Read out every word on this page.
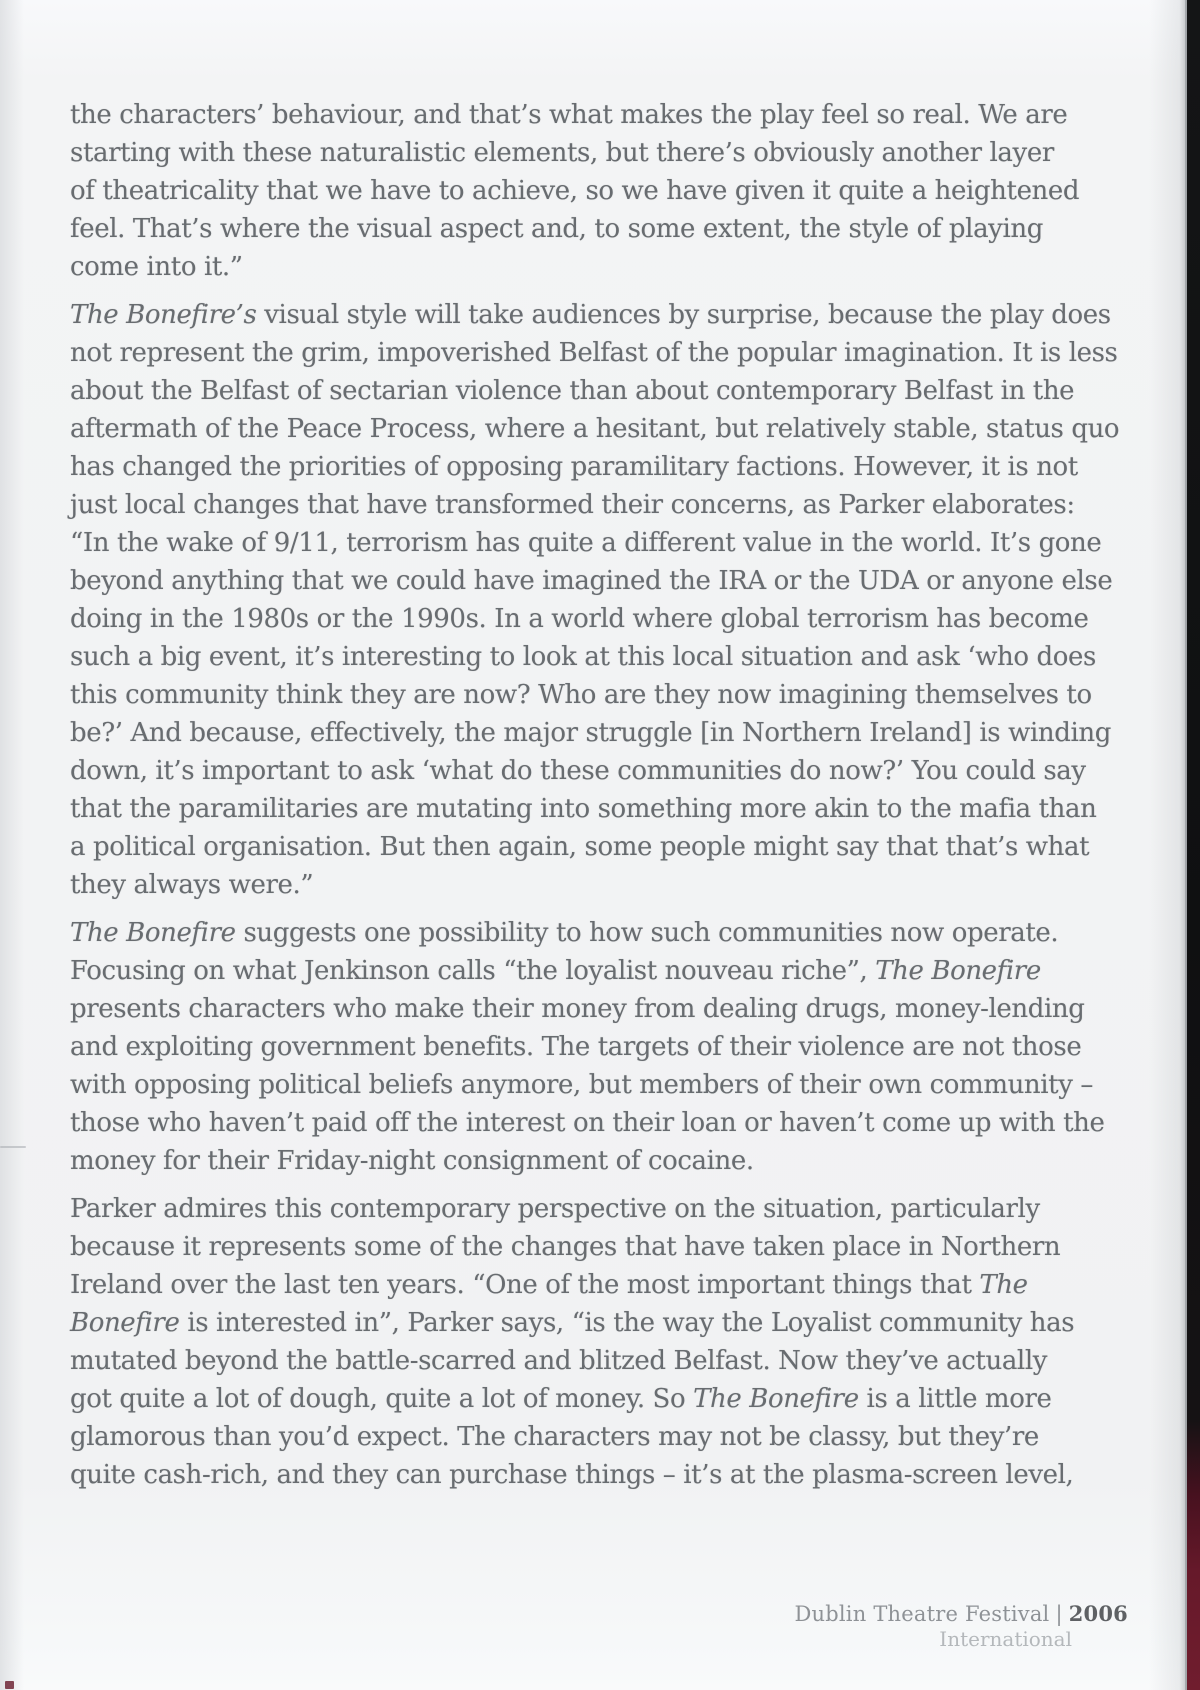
the characters’ behaviour, and that’s what makes the play feel so real. We are
starting with these naturalistic elements, but there’s obviously another layer
of theatricality that we have to achieve, so we have given it quite a heightened
feel. That’s where the visual aspect and, to some extent, the style of playing
come into it.”
The Bonefire’s visual style will take audiences by surprise, because the play does
not represent the grim, impoverished Belfast of the popular imagination. It is less
about the Belfast of sectarian violence than about contemporary Belfast in the
aftermath of the Peace Process, where a hesitant, but relatively stable, status quo
has changed the priorities of opposing paramilitary factions. However, it is not
just local changes that have transformed their concerns, as Parker elaborates:
“In the wake of 9/11, terrorism has quite a different value in the world. It’s gone
beyond anything that we could have imagined the IRA or the UDA or anyone else
doing in the 1980s or the 1990s. In a world where global terrorism has become
such a big event, it’s interesting to look at this local situation and ask ‘who does
this community think they are now? Who are they now imagining themselves to
be?’ And because, effectively, the major struggle [in Northern Ireland] is winding
down, it’s important to ask ‘what do these communities do now?’ You could say
that the paramilitaries are mutating into something more akin to the mafia than
a political organisation. But then again, some people might say that that’s what
they always were.”
The Bonefire suggests one possibility to how such communities now operate.
Focusing on what Jenkinson calls “the loyalist nouveau riche”, The Bonefire
presents characters who make their money from dealing drugs, money-lending
and exploiting government benefits. The targets of their violence are not those
with opposing political beliefs anymore, but members of their own community –
those who haven’t paid off the interest on their loan or haven’t come up with the
money for their Friday-night consignment of cocaine.
Parker admires this contemporary perspective on the situation, particularly
because it represents some of the changes that have taken place in Northern
Ireland over the last ten years. “One of the most important things that The
Bonefire is interested in”, Parker says, “is the way the Loyalist community has
mutated beyond the battle-scarred and blitzed Belfast. Now they’ve actually
got quite a lot of dough, quite a lot of money. So The Bonefire is a little more
glamorous than you’d expect. The characters may not be classy, but they’re
quite cash-rich, and they can purchase things – it’s at the plasma-screen level,
Dublin Theatre Festival | 2006
International
